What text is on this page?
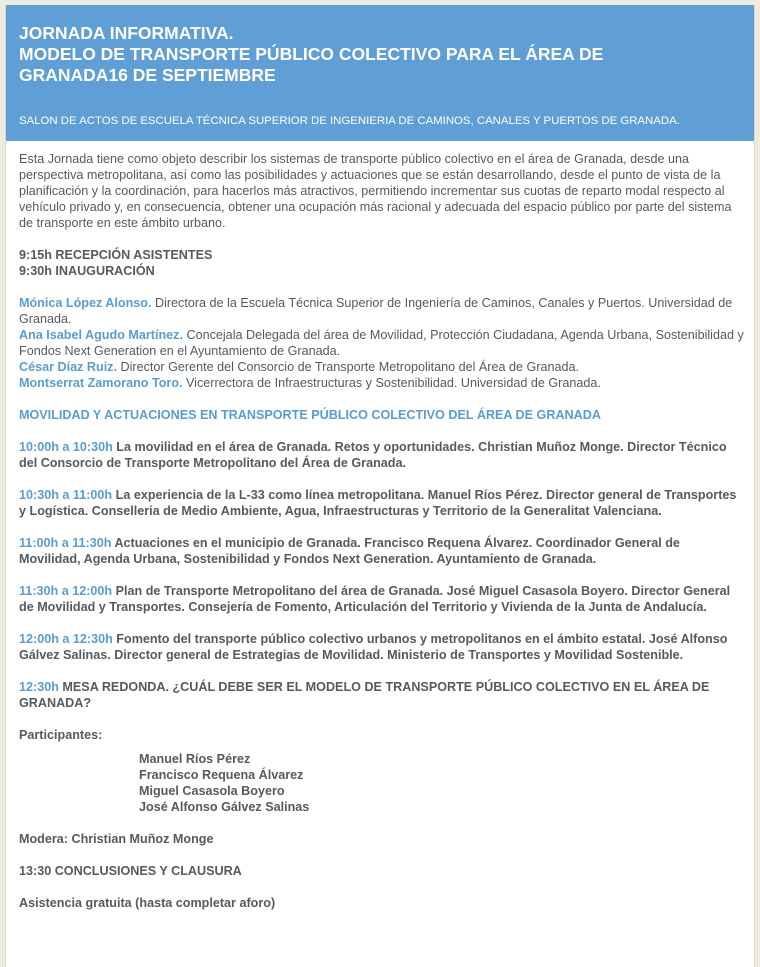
JORNADA INFORMATIVA.
MODELO DE TRANSPORTE PÚBLICO COLECTIVO PARA EL ÁREA DE
GRANADA16 DE SEPTIEMBRE

SALON DE ACTOS DE ESCUELA TÉCNICA SUPERIOR DE INGENIERIA DE CAMINOS, CANALES Y PUERTOS DE GRANADA.

Esta Jornada tiene como objeto describir los sistemas de transporte público colectivo en el área de Granada, desde una perspectiva metropolitana, así como las posibilidades y actuaciones que se están desarrollando, desde el punto de vista de la planificación y la coordinación, para hacerlos más atractivos, permitiendo incrementar sus cuotas de reparto modal respecto al vehículo privado y, en consecuencia, obtener una ocupación más racional y adecuada del espacio público por parte del sistema de transporte en este ámbito urbano.

9:15h RECEPCIÓN ASISTENTES

9:30h INAUGURACIÓN

Mónica López Alonso. Directora de la Escuela Técnica Superior de Ingeniería de Caminos, Canales y Puertos. Universidad de Granada.

Ana Isabel Agudo Martínez. Concejala Delegada del área de Movilidad, Protección Ciudadana, Agenda Urbana, Sostenibilidad y Fondos Next Generation en el Ayuntamiento de Granada.

César Díaz Ruiz. Director Gerente del Consorcio de Transporte Metropolitano del Área de Granada.

Montserrat Zamorano Toro. Vicerrectora de Infraestructuras y Sostenibilidad. Universidad de Granada.

MOVILIDAD Y ACTUACIONES EN TRANSPORTE PÚBLICO COLECTIVO DEL ÁREA DE GRANADA

10:00h a 10:30h La movilidad en el área de Granada. Retos y oportunidades. Christian Muñoz Monge. Director Técnico del Consorcio de Transporte Metropolitano del Área de Granada.

10:30h a 11:00h La experiencia de la L-33 como línea metropolitana. Manuel Ríos Pérez. Director general de Transportes y Logística. Conselleria de Medio Ambiente, Agua, Infraestructuras y Territorio de la Generalitat Valenciana.

11:00h a 11:30h Actuaciones en el municipio de Granada. Francisco Requena Álvarez. Coordinador General de Movilidad, Agenda Urbana, Sostenibilidad y Fondos Next Generation. Ayuntamiento de Granada.

11:30h a 12:00h Plan de Transporte Metropolitano del área de Granada. José Miguel Casasola Boyero. Director General de Movilidad y Transportes. Consejería de Fomento, Articulación del Territorio y Vivienda de la Junta de Andalucía.

12:00h a 12:30h Fomento del transporte público colectivo urbanos y metropolitanos en el ámbito estatal. José Alfonso Gálvez Salinas. Director general de Estrategias de Movilidad. Ministerio de Transportes y Movilidad Sostenible.

12:30h MESA REDONDA. ¿CUÁL DEBE SER EL MODELO DE TRANSPORTE PÚBLICO COLECTIVO EN EL ÁREA DE GRANADA?

Participantes:

Manuel Ríos Pérez

Francisco Requena Álvarez

Miguel Casasola Boyero

José Alfonso Gálvez Salinas

Modera: Christian Muñoz Monge

13:30 CONCLUSIONES Y CLAUSURA

Asistencia gratuita (hasta completar aforo)
